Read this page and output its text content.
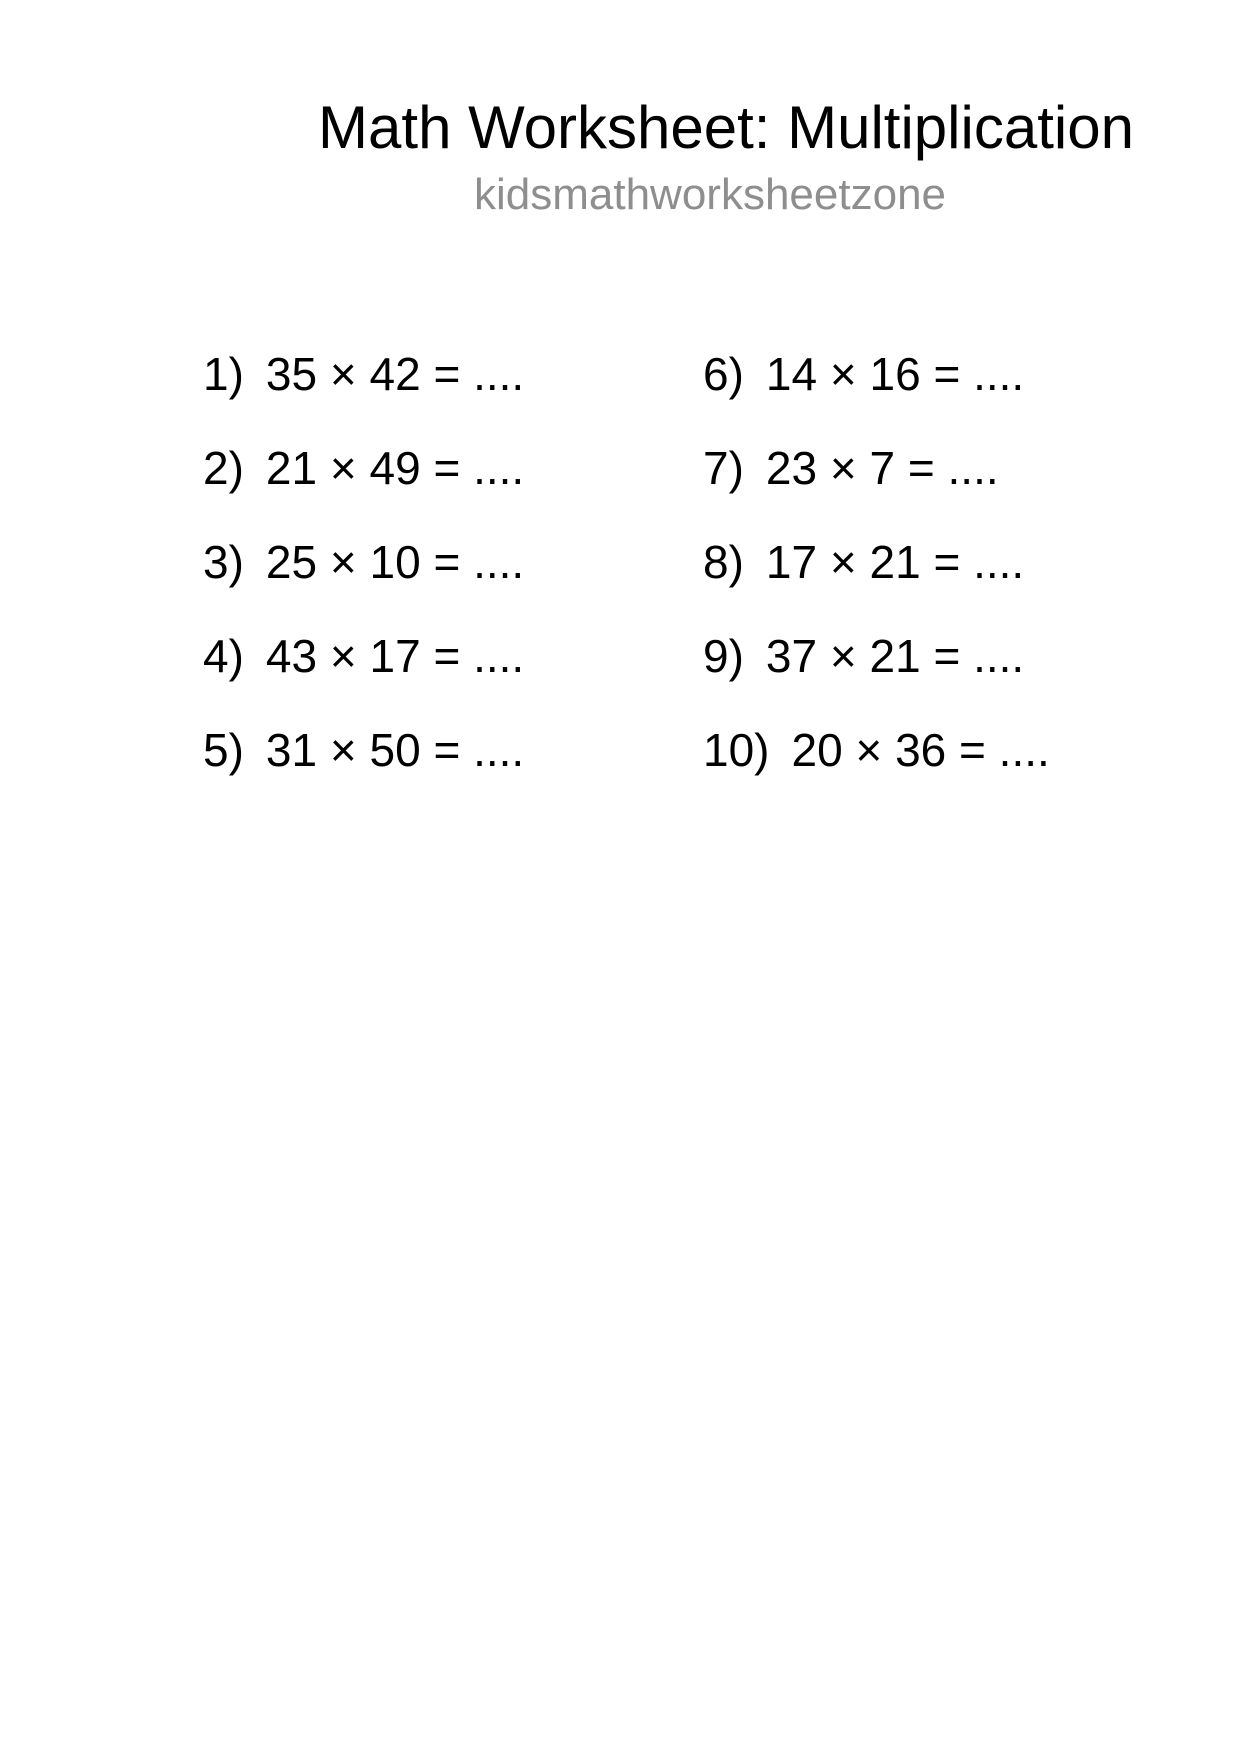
Math Worksheet: Multiplication
kidsmathworksheetzone
1) 35 × 42 = ....
2) 21 × 49 = ....
3) 25 × 10 = ....
4) 43 × 17 = ....
5) 31 × 50 = ....
6) 14 × 16 = ....
7) 23 × 7 = ....
8) 17 × 21 = ....
9) 37 × 21 = ....
10) 20 × 36 = ....
